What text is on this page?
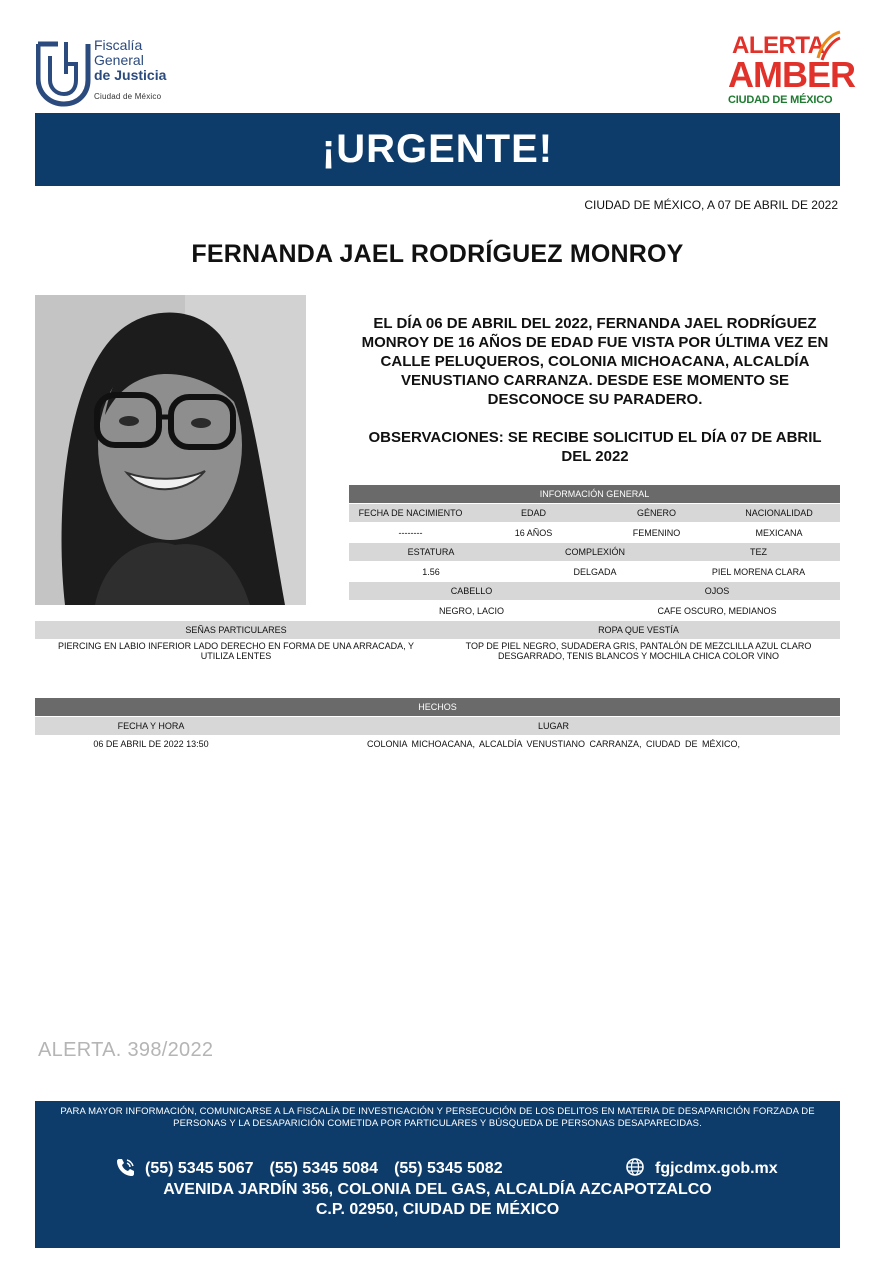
Fiscalía
General
de Justicia
Ciudad de México
ALERTA
AMBER
CIUDAD DE MÉXICO
¡URGENTE!
CIUDAD DE MÉXICO, A 07 DE ABRIL DE 2022
FERNANDA JAEL RODRÍGUEZ MONROY
EL DÍA 06 DE ABRIL DEL 2022, FERNANDA JAEL RODRÍGUEZ MONROY DE 16 AÑOS DE EDAD FUE VISTA POR ÚLTIMA VEZ EN CALLE PELUQUEROS, COLONIA MICHOACANA, ALCALDÍA VENUSTIANO CARRANZA. DESDE ESE MOMENTO SE DESCONOCE SU PARADERO.
OBSERVACIONES: SE RECIBE SOLICITUD EL DÍA 07 DE ABRIL DEL 2022
INFORMACIÓN GENERAL
FECHA DE NACIMIENTO	EDAD	GÉNERO	NACIONALIDAD
--------	16 AÑOS	FEMENINO	MEXICANA
ESTATURA	COMPLEXIÓN	TEZ
1.56	DELGADA	PIEL MORENA CLARA
CABELLO	OJOS
NEGRO, LACIO	CAFE OSCURO, MEDIANOS
SEÑAS PARTICULARES	ROPA QUE VESTÍA
PIERCING EN LABIO INFERIOR LADO DERECHO EN FORMA DE UNA ARRACADA, Y UTILIZA LENTES
TOP DE PIEL NEGRO, SUDADERA GRIS, PANTALÓN DE MEZCLILLA AZUL CLARO DESGARRADO, TENIS BLANCOS Y MOCHILA CHICA COLOR VINO
HECHOS
FECHA Y HORA	LUGAR
06 DE ABRIL DE 2022 13:50	COLONIA MICHOACANA, ALCALDÍA VENUSTIANO CARRANZA, CIUDAD DE MÉXICO,
ALERTA. 398/2022
PARA MAYOR INFORMACIÓN, COMUNICARSE A LA FISCALÍA DE INVESTIGACIÓN Y PERSECUCIÓN DE LOS DELITOS EN MATERIA DE DESAPARICIÓN FORZADA DE PERSONAS Y LA DESAPARICIÓN COMETIDA POR PARTICULARES Y BÚSQUEDA DE PERSONAS DESAPARECIDAS.
(55) 5345 5067 (55) 5345 5084 (55) 5345 5082	fgjcdmx.gob.mx
AVENIDA JARDÍN 356, COLONIA DEL GAS, ALCALDÍA AZCAPOTZALCO
C.P. 02950, CIUDAD DE MÉXICO
